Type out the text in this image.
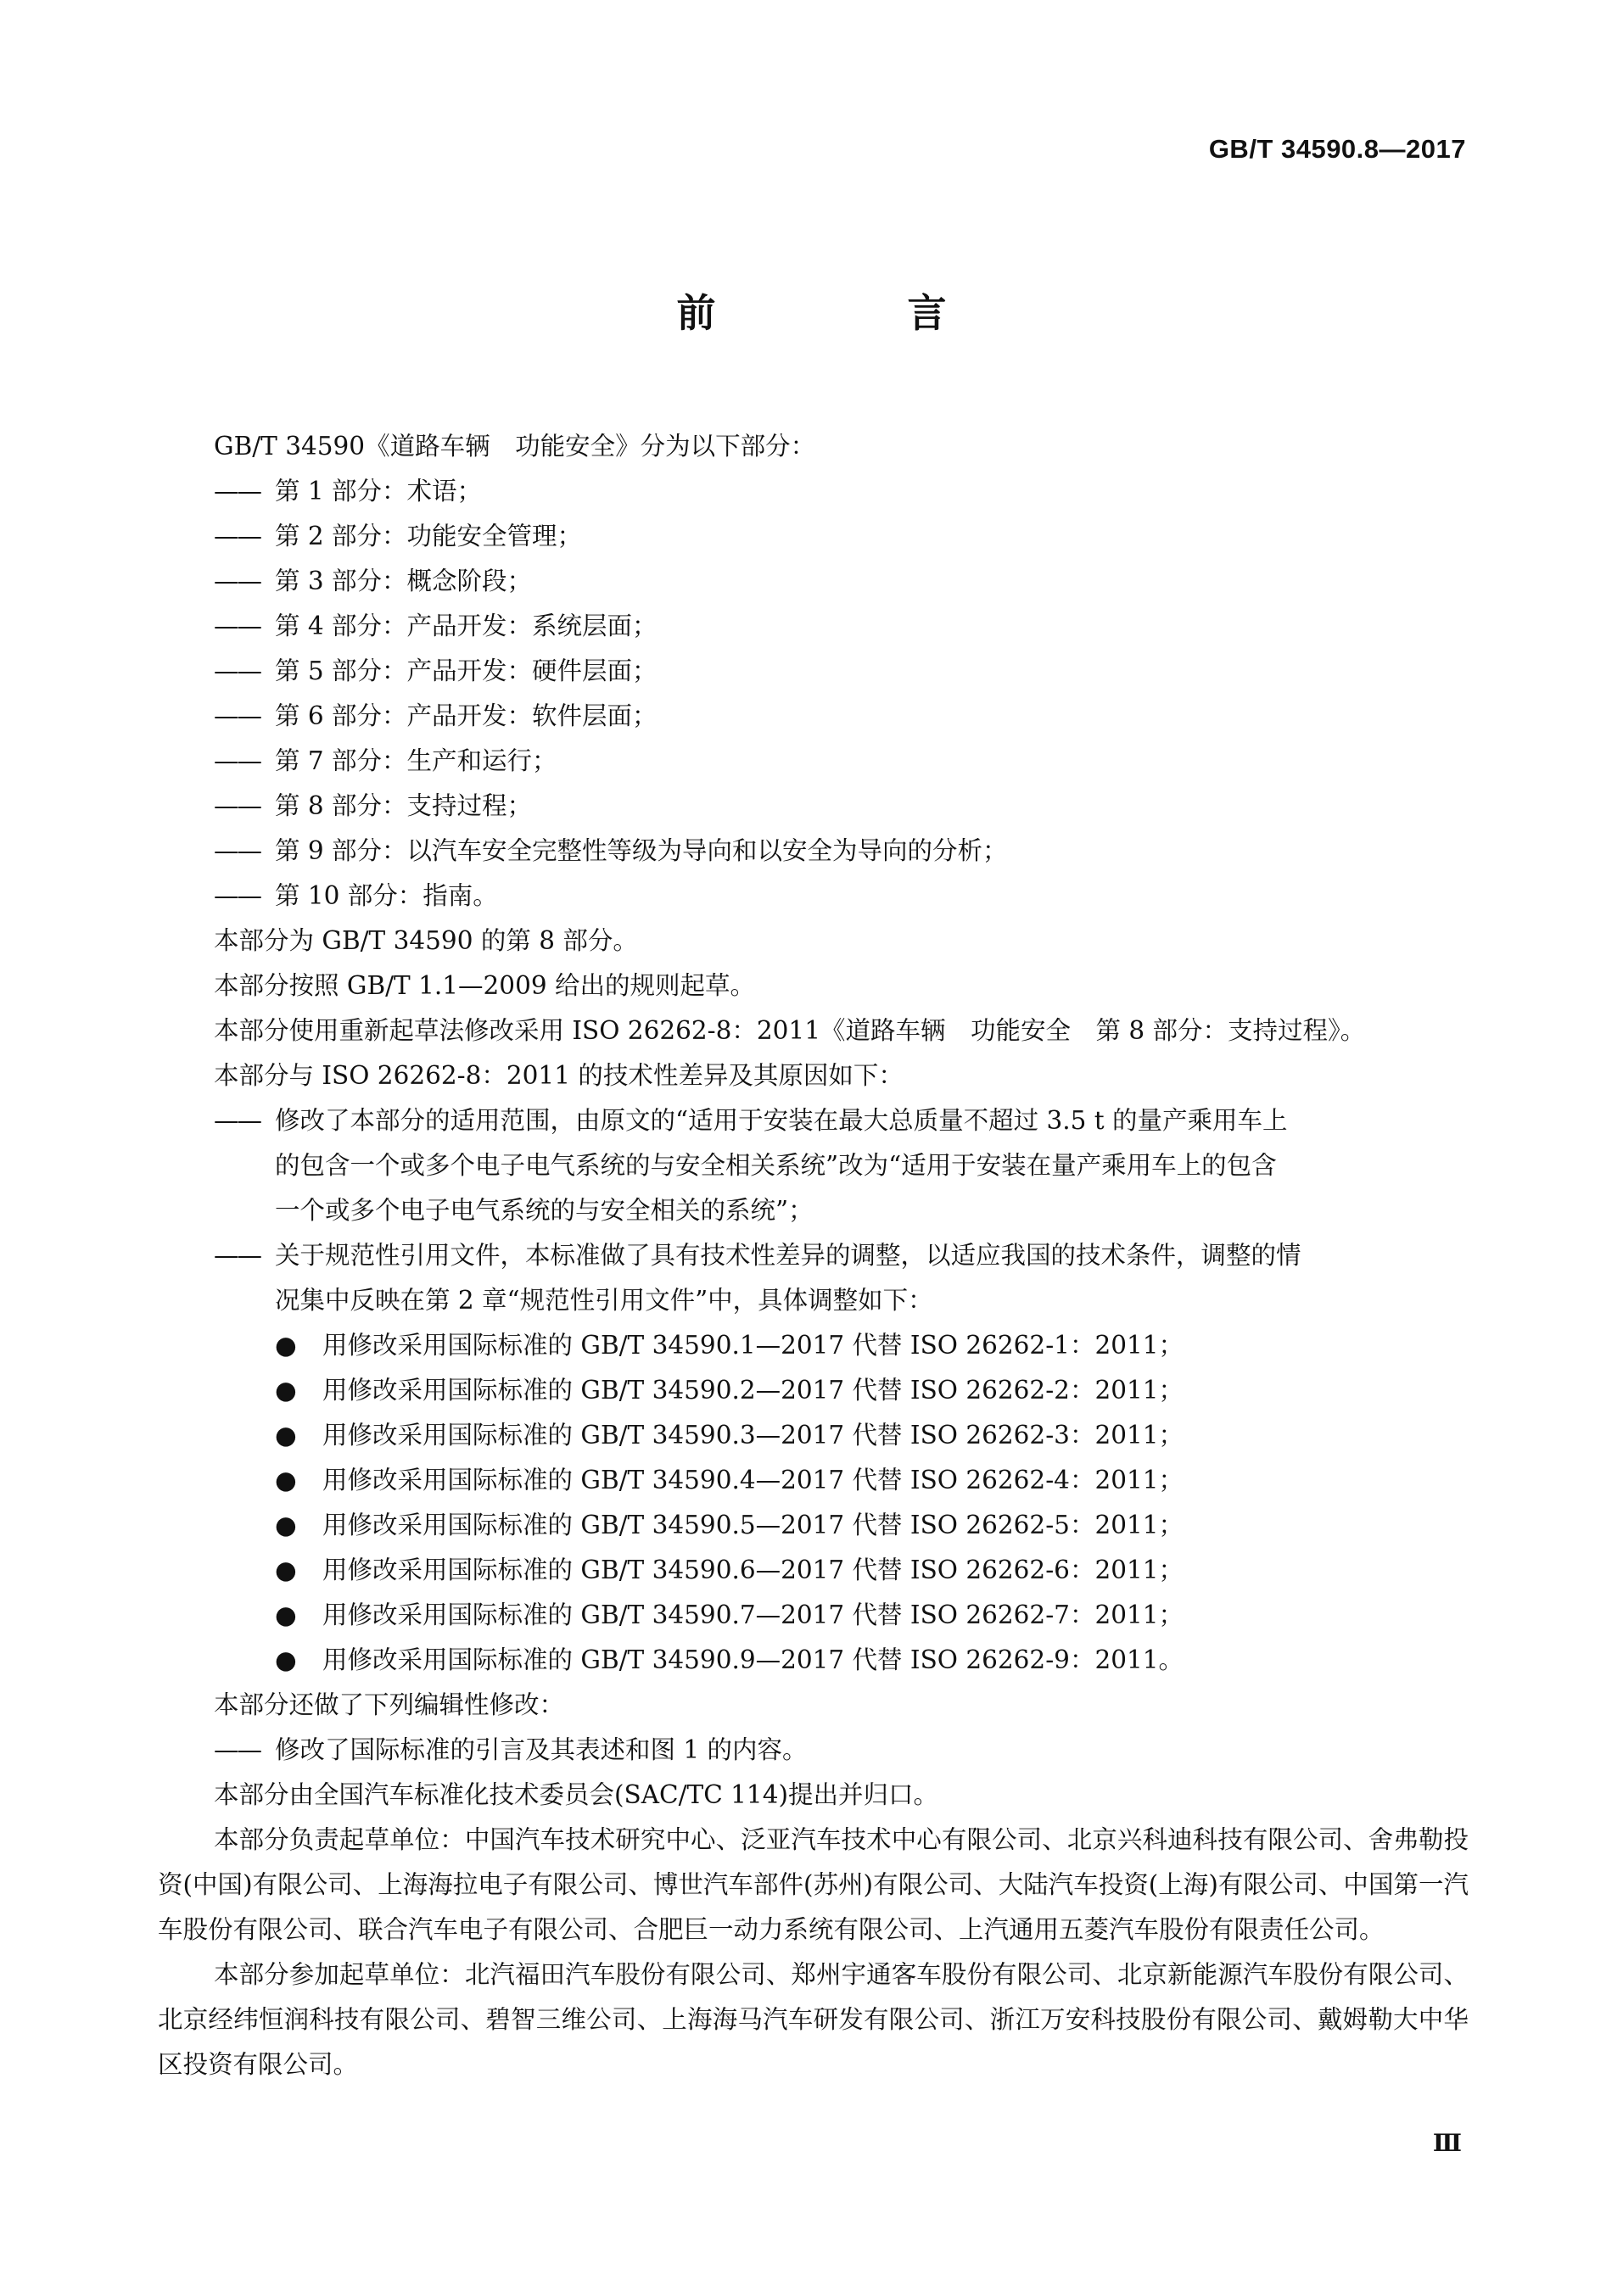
GB/T 34590.8—2017
前　言
GB/T 34590《道路车辆　功能安全》分为以下部分：
—— 第 1 部分：术语；
—— 第 2 部分：功能安全管理；
—— 第 3 部分：概念阶段；
—— 第 4 部分：产品开发：系统层面；
—— 第 5 部分：产品开发：硬件层面；
—— 第 6 部分：产品开发：软件层面；
—— 第 7 部分：生产和运行；
—— 第 8 部分：支持过程；
—— 第 9 部分：以汽车安全完整性等级为导向和以安全为导向的分析；
—— 第 10 部分：指南。
本部分为 GB/T 34590 的第 8 部分。
本部分按照 GB/T 1.1—2009 给出的规则起草。
本部分使用重新起草法修改采用 ISO 26262-8：2011《道路车辆　功能安全　第 8 部分：支持过程》。
本部分与 ISO 26262-8：2011 的技术性差异及其原因如下：
—— 修改了本部分的适用范围，由原文的“适用于安装在最大总质量不超过 3.5 t 的量产乘用车上
的包含一个或多个电子电气系统的与安全相关系统”改为“适用于安装在量产乘用车上的包含
一个或多个电子电气系统的与安全相关的系统”；
—— 关于规范性引用文件，本标准做了具有技术性差异的调整，以适应我国的技术条件，调整的情
况集中反映在第 2 章“规范性引用文件”中，具体调整如下：
●	用修改采用国际标准的 GB/T 34590.1—2017 代替 ISO 26262-1：2011；
●	用修改采用国际标准的 GB/T 34590.2—2017 代替 ISO 26262-2：2011；
●	用修改采用国际标准的 GB/T 34590.3—2017 代替 ISO 26262-3：2011；
●	用修改采用国际标准的 GB/T 34590.4—2017 代替 ISO 26262-4：2011；
●	用修改采用国际标准的 GB/T 34590.5—2017 代替 ISO 26262-5：2011；
●	用修改采用国际标准的 GB/T 34590.6—2017 代替 ISO 26262-6：2011；
●	用修改采用国际标准的 GB/T 34590.7—2017 代替 ISO 26262-7：2011；
●	用修改采用国际标准的 GB/T 34590.9—2017 代替 ISO 26262-9：2011。
本部分还做了下列编辑性修改：
—— 修改了国际标准的引言及其表述和图 1 的内容。
本部分由全国汽车标准化技术委员会(SAC/TC 114)提出并归口。
本部分负责起草单位：中国汽车技术研究中心、泛亚汽车技术中心有限公司、北京兴科迪科技有限公司、舍弗勒投资(中国)有限公司、上海海拉电子有限公司、博世汽车部件(苏州)有限公司、大陆汽车投资(上海)有限公司、中国第一汽车股份有限公司、联合汽车电子有限公司、合肥巨一动力系统有限公司、上汽通用五菱汽车股份有限责任公司。
本部分参加起草单位：北汽福田汽车股份有限公司、郑州宇通客车股份有限公司、北京新能源汽车股份有限公司、北京经纬恒润科技有限公司、碧智三维公司、上海海马汽车研发有限公司、浙江万安科技股份有限公司、戴姆勒大中华区投资有限公司。
Ⅲ
